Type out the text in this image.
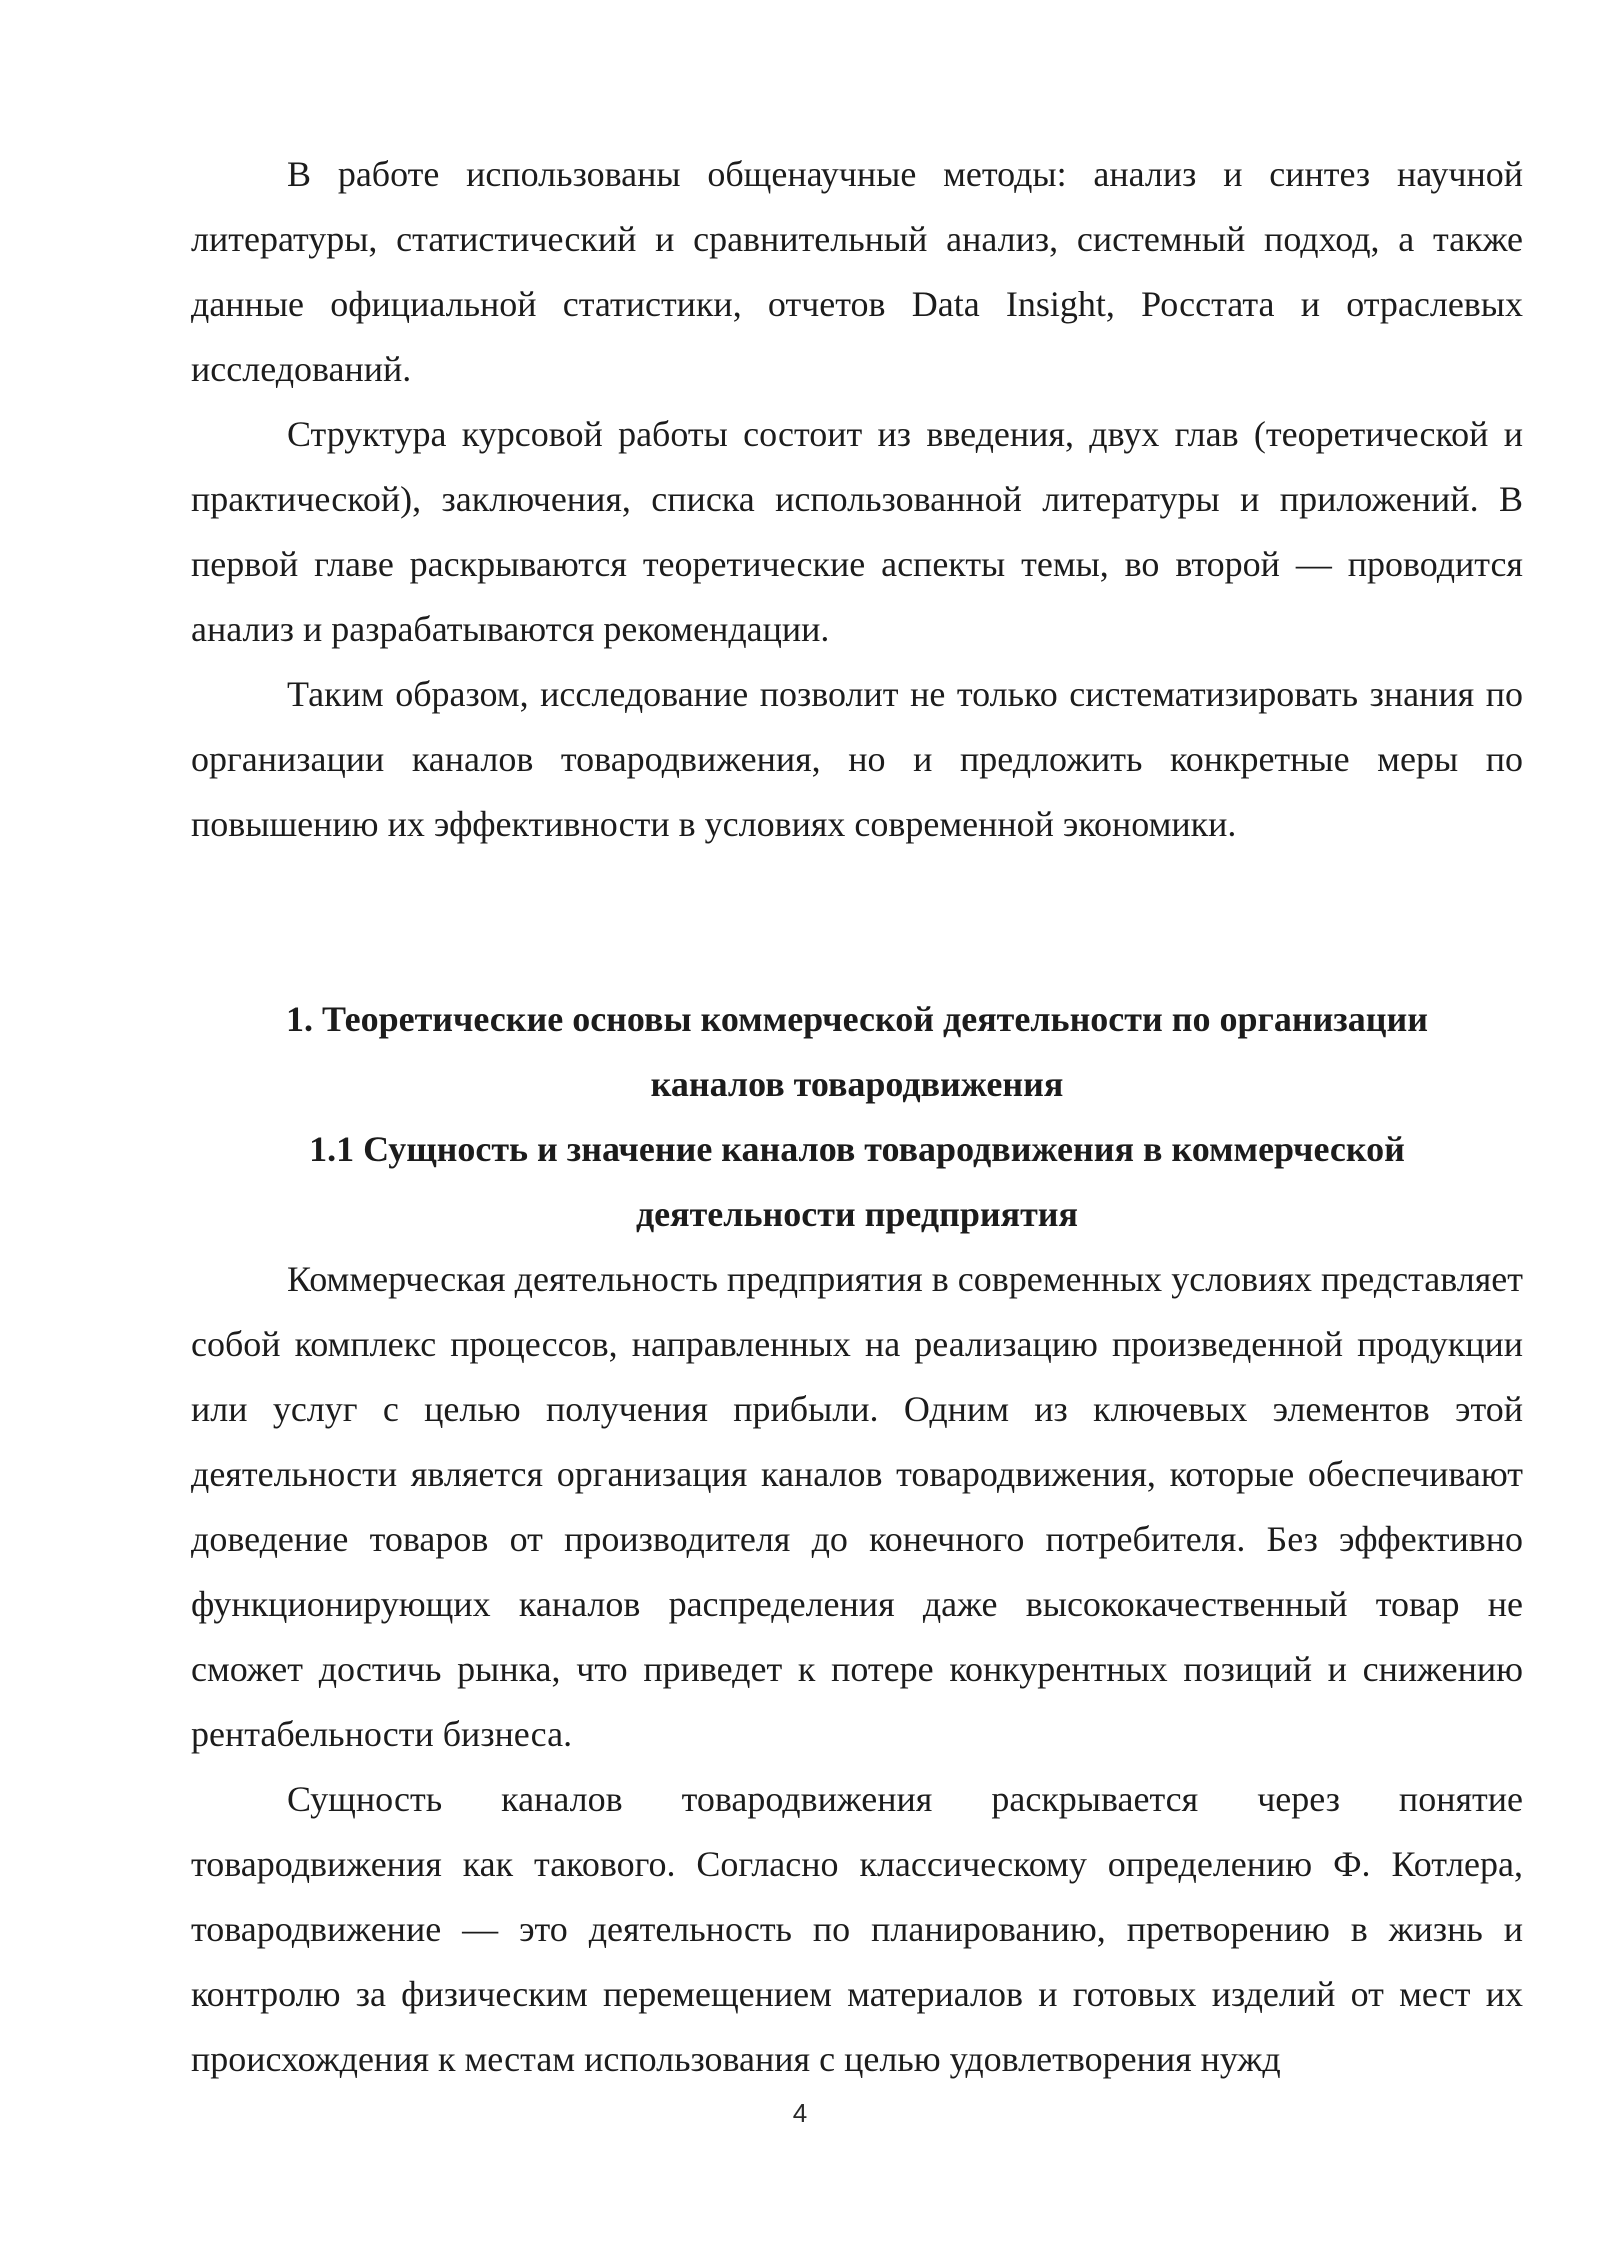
В работе использованы общенаучные методы: анализ и синтез научной литературы, статистический и сравнительный анализ, системный подход, а также данные официальной статистики, отчетов Data Insight, Росстата и отраслевых исследований.

Структура курсовой работы состоит из введения, двух глав (теоретической и практической), заключения, списка использованной литературы и приложений. В первой главе раскрываются теоретические аспекты темы, во второй — проводится анализ и разрабатываются рекомендации.

Таким образом, исследование позволит не только систематизировать знания по организации каналов товародвижения, но и предложить конкретные меры по повышению их эффективности в условиях современной экономики.

1. Теоретические основы коммерческой деятельности по организации каналов товародвижения
1.1 Сущность и значение каналов товародвижения в коммерческой деятельности предприятия

Коммерческая деятельность предприятия в современных условиях представляет собой комплекс процессов, направленных на реализацию произведенной продукции или услуг с целью получения прибыли. Одним из ключевых элементов этой деятельности является организация каналов товародвижения, которые обеспечивают доведение товаров от производителя до конечного потребителя. Без эффективно функционирующих каналов распределения даже высококачественный товар не сможет достичь рынка, что приведет к потере конкурентных позиций и снижению рентабельности бизнеса.

Сущность каналов товародвижения раскрывается через понятие товародвижения как такового. Согласно классическому определению Ф. Котлера, товародвижение — это деятельность по планированию, претворению в жизнь и контролю за физическим перемещением материалов и готовых изделий от мест их происхождения к местам использования с целью удовлетворения нужд

4
